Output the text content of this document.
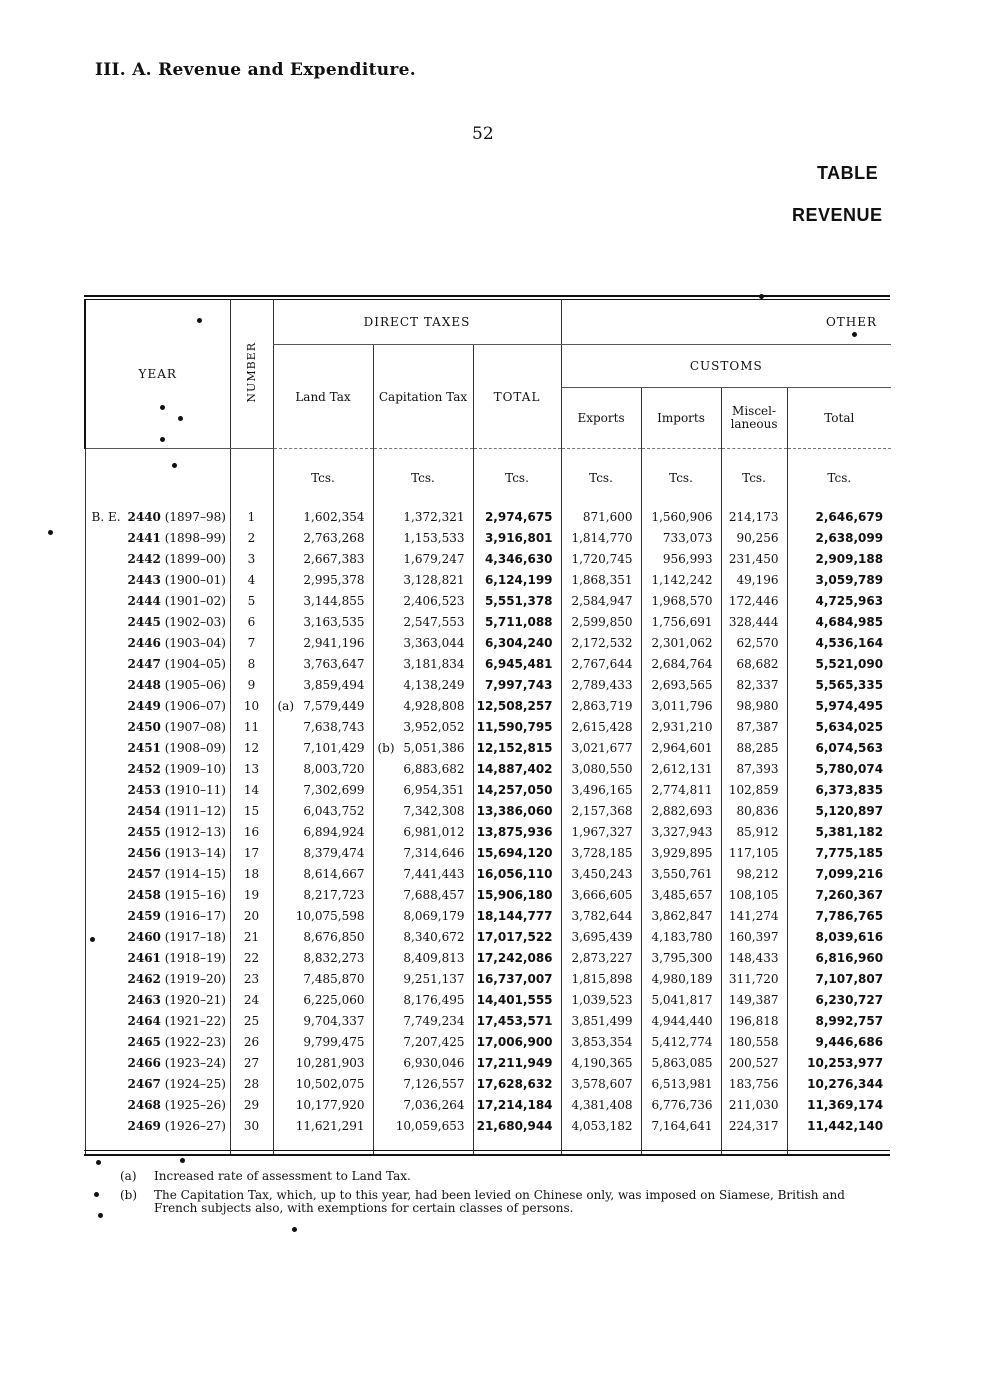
III. A. Revenue and Expenditure.
52
TABLE
REVENUE
YEAR	NUMBER	DIRECT TAXES			OTHER			
		Land Tax	Capitation Tax	TOTAL	CUSTOMS			
					Exports	Imports	Miscel-laneous	Total

		Tcs.	Tcs.	Tcs.	Tcs.	Tcs.	Tcs.	Tcs.
B. E. 2440 (1897–98)	1	1,602,354	1,372,321	2,974,675	871,600	1,560,906	214,173	2,646,679
2441 (1898–99)	2	2,763,268	1,153,533	3,916,801	1,814,770	733,073	90,256	2,638,099
2442 (1899–00)	3	2,667,383	1,679,247	4,346,630	1,720,745	956,993	231,450	2,909,188
2443 (1900–01)	4	2,995,378	3,128,821	6,124,199	1,868,351	1,142,242	49,196	3,059,789
2444 (1901–02)	5	3,144,855	2,406,523	5,551,378	2,584,947	1,968,570	172,446	4,725,963
2445 (1902–03)	6	3,163,535	2,547,553	5,711,088	2,599,850	1,756,691	328,444	4,684,985
2446 (1903–04)	7	2,941,196	3,363,044	6,304,240	2,172,532	2,301,062	62,570	4,536,164
2447 (1904–05)	8	3,763,647	3,181,834	6,945,481	2,767,644	2,684,764	68,682	5,521,090
2448 (1905–06)	9	3,859,494	4,138,249	7,997,743	2,789,433	2,693,565	82,337	5,565,335
2449 (1906–07)	10	(a) 7,579,449	4,928,808	12,508,257	2,863,719	3,011,796	98,980	5,974,495
2450 (1907–08)	11	7,638,743	3,952,052	11,590,795	2,615,428	2,931,210	87,387	5,634,025
2451 (1908–09)	12	7,101,429	(b) 5,051,386	12,152,815	3,021,677	2,964,601	88,285	6,074,563
2452 (1909–10)	13	8,003,720	6,883,682	14,887,402	3,080,550	2,612,131	87,393	5,780,074
2453 (1910–11)	14	7,302,699	6,954,351	14,257,050	3,496,165	2,774,811	102,859	6,373,835
2454 (1911–12)	15	6,043,752	7,342,308	13,386,060	2,157,368	2,882,693	80,836	5,120,897
2455 (1912–13)	16	6,894,924	6,981,012	13,875,936	1,967,327	3,327,943	85,912	5,381,182
2456 (1913–14)	17	8,379,474	7,314,646	15,694,120	3,728,185	3,929,895	117,105	7,775,185
2457 (1914–15)	18	8,614,667	7,441,443	16,056,110	3,450,243	3,550,761	98,212	7,099,216
2458 (1915–16)	19	8,217,723	7,688,457	15,906,180	3,666,605	3,485,657	108,105	7,260,367
2459 (1916–17)	20	10,075,598	8,069,179	18,144,777	3,782,644	3,862,847	141,274	7,786,765
2460 (1917–18)	21	8,676,850	8,340,672	17,017,522	3,695,439	4,183,780	160,397	8,039,616
2461 (1918–19)	22	8,832,273	8,409,813	17,242,086	2,873,227	3,795,300	148,433	6,816,960
2462 (1919–20)	23	7,485,870	9,251,137	16,737,007	1,815,898	4,980,189	311,720	7,107,807
2463 (1920–21)	24	6,225,060	8,176,495	14,401,555	1,039,523	5,041,817	149,387	6,230,727
2464 (1921–22)	25	9,704,337	7,749,234	17,453,571	3,851,499	4,944,440	196,818	8,992,757
2465 (1922–23)	26	9,799,475	7,207,425	17,006,900	3,853,354	5,412,774	180,558	9,446,686
2466 (1923–24)	27	10,281,903	6,930,046	17,211,949	4,190,365	5,863,085	200,527	10,253,977
2467 (1924–25)	28	10,502,075	7,126,557	17,628,632	3,578,607	6,513,981	183,756	10,276,344
2468 (1925–26)	29	10,177,920	7,036,264	17,214,184	4,381,408	6,776,736	211,030	11,369,174
2469 (1926–27)	30	11,621,291	10,059,653	21,680,944	4,053,182	7,164,641	224,317	11,442,140

(a) Increased rate of assessment to Land Tax.
(b) The Capitation Tax, which, up to this year, had been levied on Chinese only, was imposed on Siamese, British and French subjects also, with exemptions for certain classes of persons.
